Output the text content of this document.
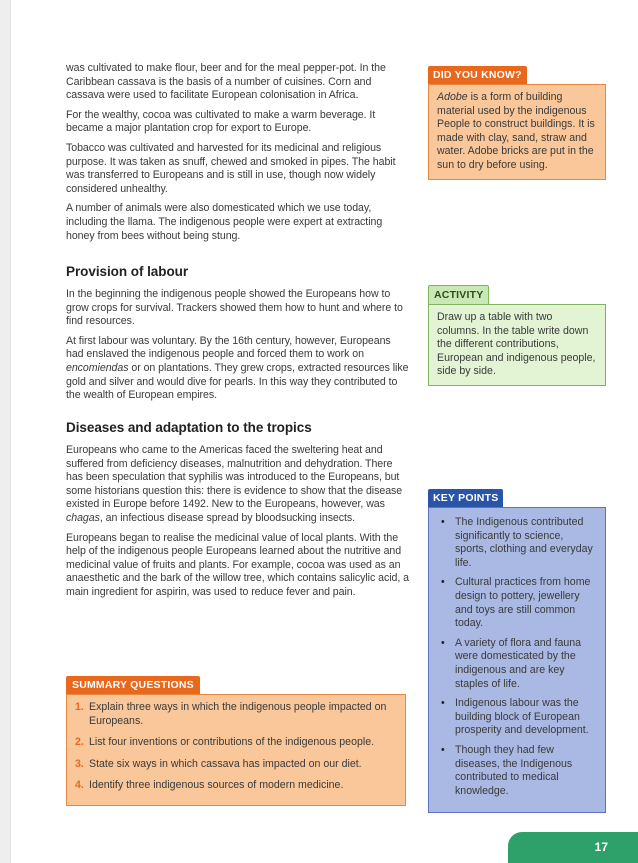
was cultivated to make flour, beer and for the meal pepper-pot. In the Caribbean cassava is the basis of a number of cuisines. Corn and cassava were used to facilitate European colonisation in Africa.

For the wealthy, cocoa was cultivated to make a warm beverage. It became a major plantation crop for export to Europe.

Tobacco was cultivated and harvested for its medicinal and religious purpose. It was taken as snuff, chewed and smoked in pipes. The habit was transferred to Europeans and is still in use, though now widely considered unhealthy.

A number of animals were also domesticated which we use today, including the llama. The indigenous people were expert at extracting honey from bees without being stung.

Provision of labour

In the beginning the indigenous people showed the Europeans how to grow crops for survival. Trackers showed them how to hunt and where to find resources.

At first labour was voluntary. By the 16th century, however, Europeans had enslaved the indigenous people and forced them to work on encomiendas or on plantations. They grew crops, extracted resources like gold and silver and would dive for pearls. In this way they contributed to the wealth of European empires.

Diseases and adaptation to the tropics

Europeans who came to the Americas faced the sweltering heat and suffered from deficiency diseases, malnutrition and dehydration. There has been speculation that syphilis was introduced to the Europeans, but some historians question this: there is evidence to show that the disease existed in Europe before 1492. New to the Europeans, however, was chagas, an infectious disease spread by bloodsucking insects.

Europeans began to realise the medicinal value of local plants. With the help of the indigenous people Europeans learned about the nutritive and medicinal value of fruits and plants. For example, cocoa was used as an anaesthetic and the bark of the willow tree, which contains salicylic acid, a main ingredient for aspirin, was used to reduce fever and pain.

DID YOU KNOW?
Adobe is a form of building material used by the indigenous People to construct buildings. It is made with clay, sand, straw and water. Adobe bricks are put in the sun to dry before using.
ACTIVITY
Draw up a table with two columns. In the table write down the different contributions, European and indigenous people, side by side.
KEY POINTS
• The Indigenous contributed significantly to science, sports, clothing and everyday life.
• Cultural practices from home design to pottery, jewellery and toys are still common today.
• A variety of flora and fauna were domesticated by the indigenous and are key staples of life.
• Indigenous labour was the building block of European prosperity and development.
• Though they had few diseases, the Indigenous contributed to medical knowledge.
SUMMARY QUESTIONS
1. Explain three ways in which the indigenous people impacted on Europeans.
2. List four inventions or contributions of the indigenous people.
3. State six ways in which cassava has impacted on our diet.
4. Identify three indigenous sources of modern medicine.
17
